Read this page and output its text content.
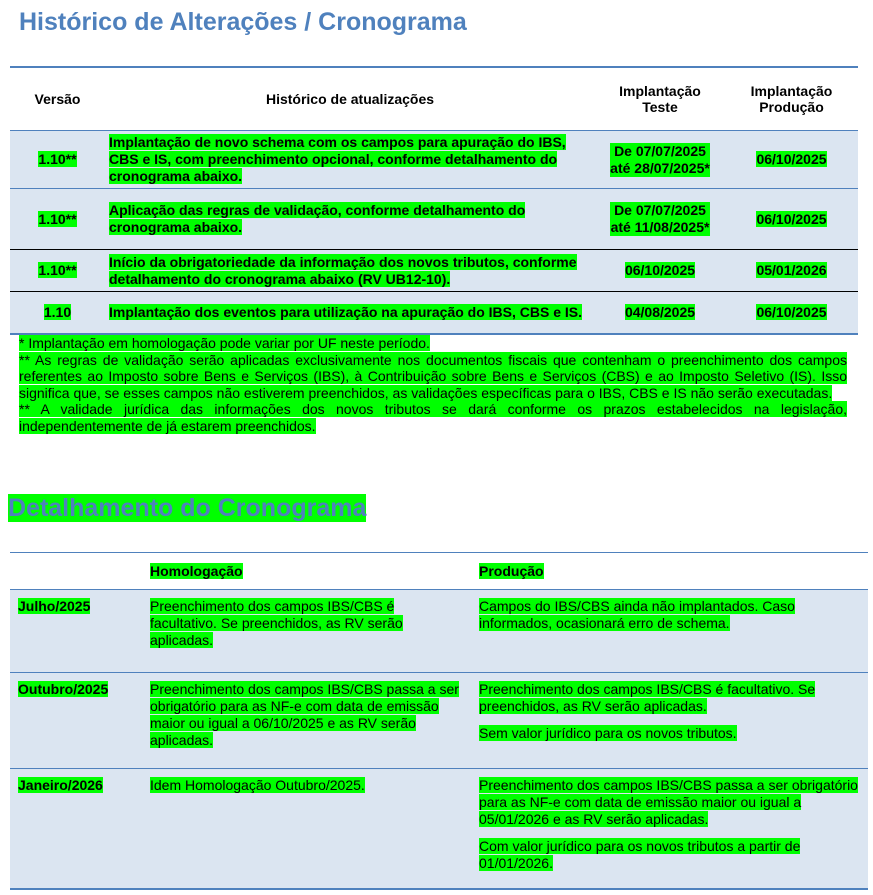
Histórico de Alterações / Cronograma
Versão	Histórico de atualizações	Implantação Teste	Implantação Produção
1.10**	Implantação de novo schema com os campos para apuração do IBS, CBS e IS, com preenchimento opcional, conforme detalhamento do cronograma abaixo.	De 07/07/2025 até 28/07/2025*	06/10/2025
1.10**	Aplicação das regras de validação, conforme detalhamento do cronograma abaixo.	De 07/07/2025 até 11/08/2025*	06/10/2025
1.10**	Início da obrigatoriedade da informação dos novos tributos, conforme detalhamento do cronograma abaixo (RV UB12-10).	06/10/2025	05/01/2026
1.10	Implantação dos eventos para utilização na apuração do IBS, CBS e IS.	04/08/2025	06/10/2025

* Implantação em homologação pode variar por UF neste período.

** As regras de validação serão aplicadas exclusivamente nos documentos fiscais que contenham o preenchimento dos campos referentes ao Imposto sobre Bens e Serviços (IBS), à Contribuição sobre Bens e Serviços (CBS) e ao Imposto Seletivo (IS). Isso significa que, se esses campos não estiverem preenchidos, as validações específicas para o IBS, CBS e IS não serão executadas.

** A validade jurídica das informações dos novos tributos se dará conforme os prazos estabelecidos na legislação, independentemente de já estarem preenchidos.

Detalhamento do Cronograma
	Homologação	Produção
Julho/2025	Preenchimento dos campos IBS/CBS é facultativo. Se preenchidos, as RV serão aplicadas.	Campos do IBS/CBS ainda não implantados. Caso informados, ocasionará erro de schema.

Outubro/2025	Preenchimento dos campos IBS/CBS passa a ser obrigatório para as NF-e com data de emissão maior ou igual a 06/10/2025 e as RV serão aplicadas.	Preenchimento dos campos IBS/CBS é facultativo. Se preenchidos, as RV serão aplicadas.

Sem valor jurídico para os novos tributos.

Janeiro/2026	Idem Homologação Outubro/2025.	Preenchimento dos campos IBS/CBS passa a ser obrigatório para as NF-e com data de emissão maior ou igual a 05/01/2026 e as RV serão aplicadas.

Com valor jurídico para os novos tributos a partir de 01/01/2026.
